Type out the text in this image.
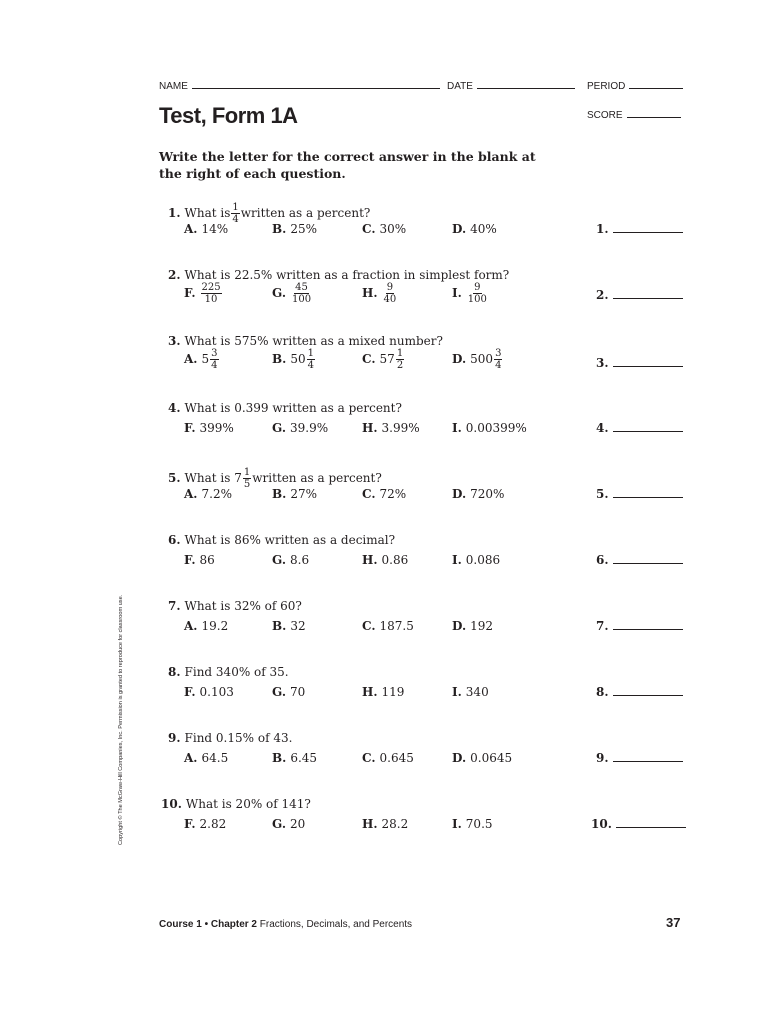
NAME	DATE	PERIOD
SCORE
Test, Form 1A
Write the letter for the correct answer in the blank at the right of each question.
1. What is $\frac{1}{4}$ written as a percent?
A. 14%	B. 25%	C. 30%	D. 40%	1.
2. What is 22.5% written as a fraction in simplest form?
F. $\frac{225}{10}$	G. $\frac{45}{100}$	H. $\frac{9}{40}$	I. $\frac{9}{100}$	2.
3. What is 575% written as a mixed number?
A. $5 \frac{3}{4}$	B. $50 \frac{1}{4}$	C. $57 \frac{1}{2}$	D. $500 \frac{3}{4}$	3.
4. What is 0.399 written as a percent?
F. 399%	G. 39.9%	H. 3.99%	I. 0.00399%	4.
5. What is $7 \frac{1}{5}$ written as a percent?
A. 7.2%	B. 27%	C. 72%	D. 720%	5.
6. What is 86% written as a decimal?
F. 86	G. 8.6	H. 0.86	I. 0.086	6.
7. What is 32% of 60?
A. 19.2	B. 32	C. 187.5	D. 192	7.
8. Find 340% of 35.
F. 0.103	G. 70	H. 119	I. 340	8.
9. Find 0.15% of 43.
A. 64.5	B. 6.45	C. 0.645	D. 0.0645	9.
10. What is 20% of 141?
F. 2.82	G. 20	H. 28.2	I. 70.5	10.
Copyright © The McGraw-Hill Companies, Inc. Permission is granted to reproduce for classroom use.
Course 1 • Chapter 2 Fractions, Decimals, and Percents	37
